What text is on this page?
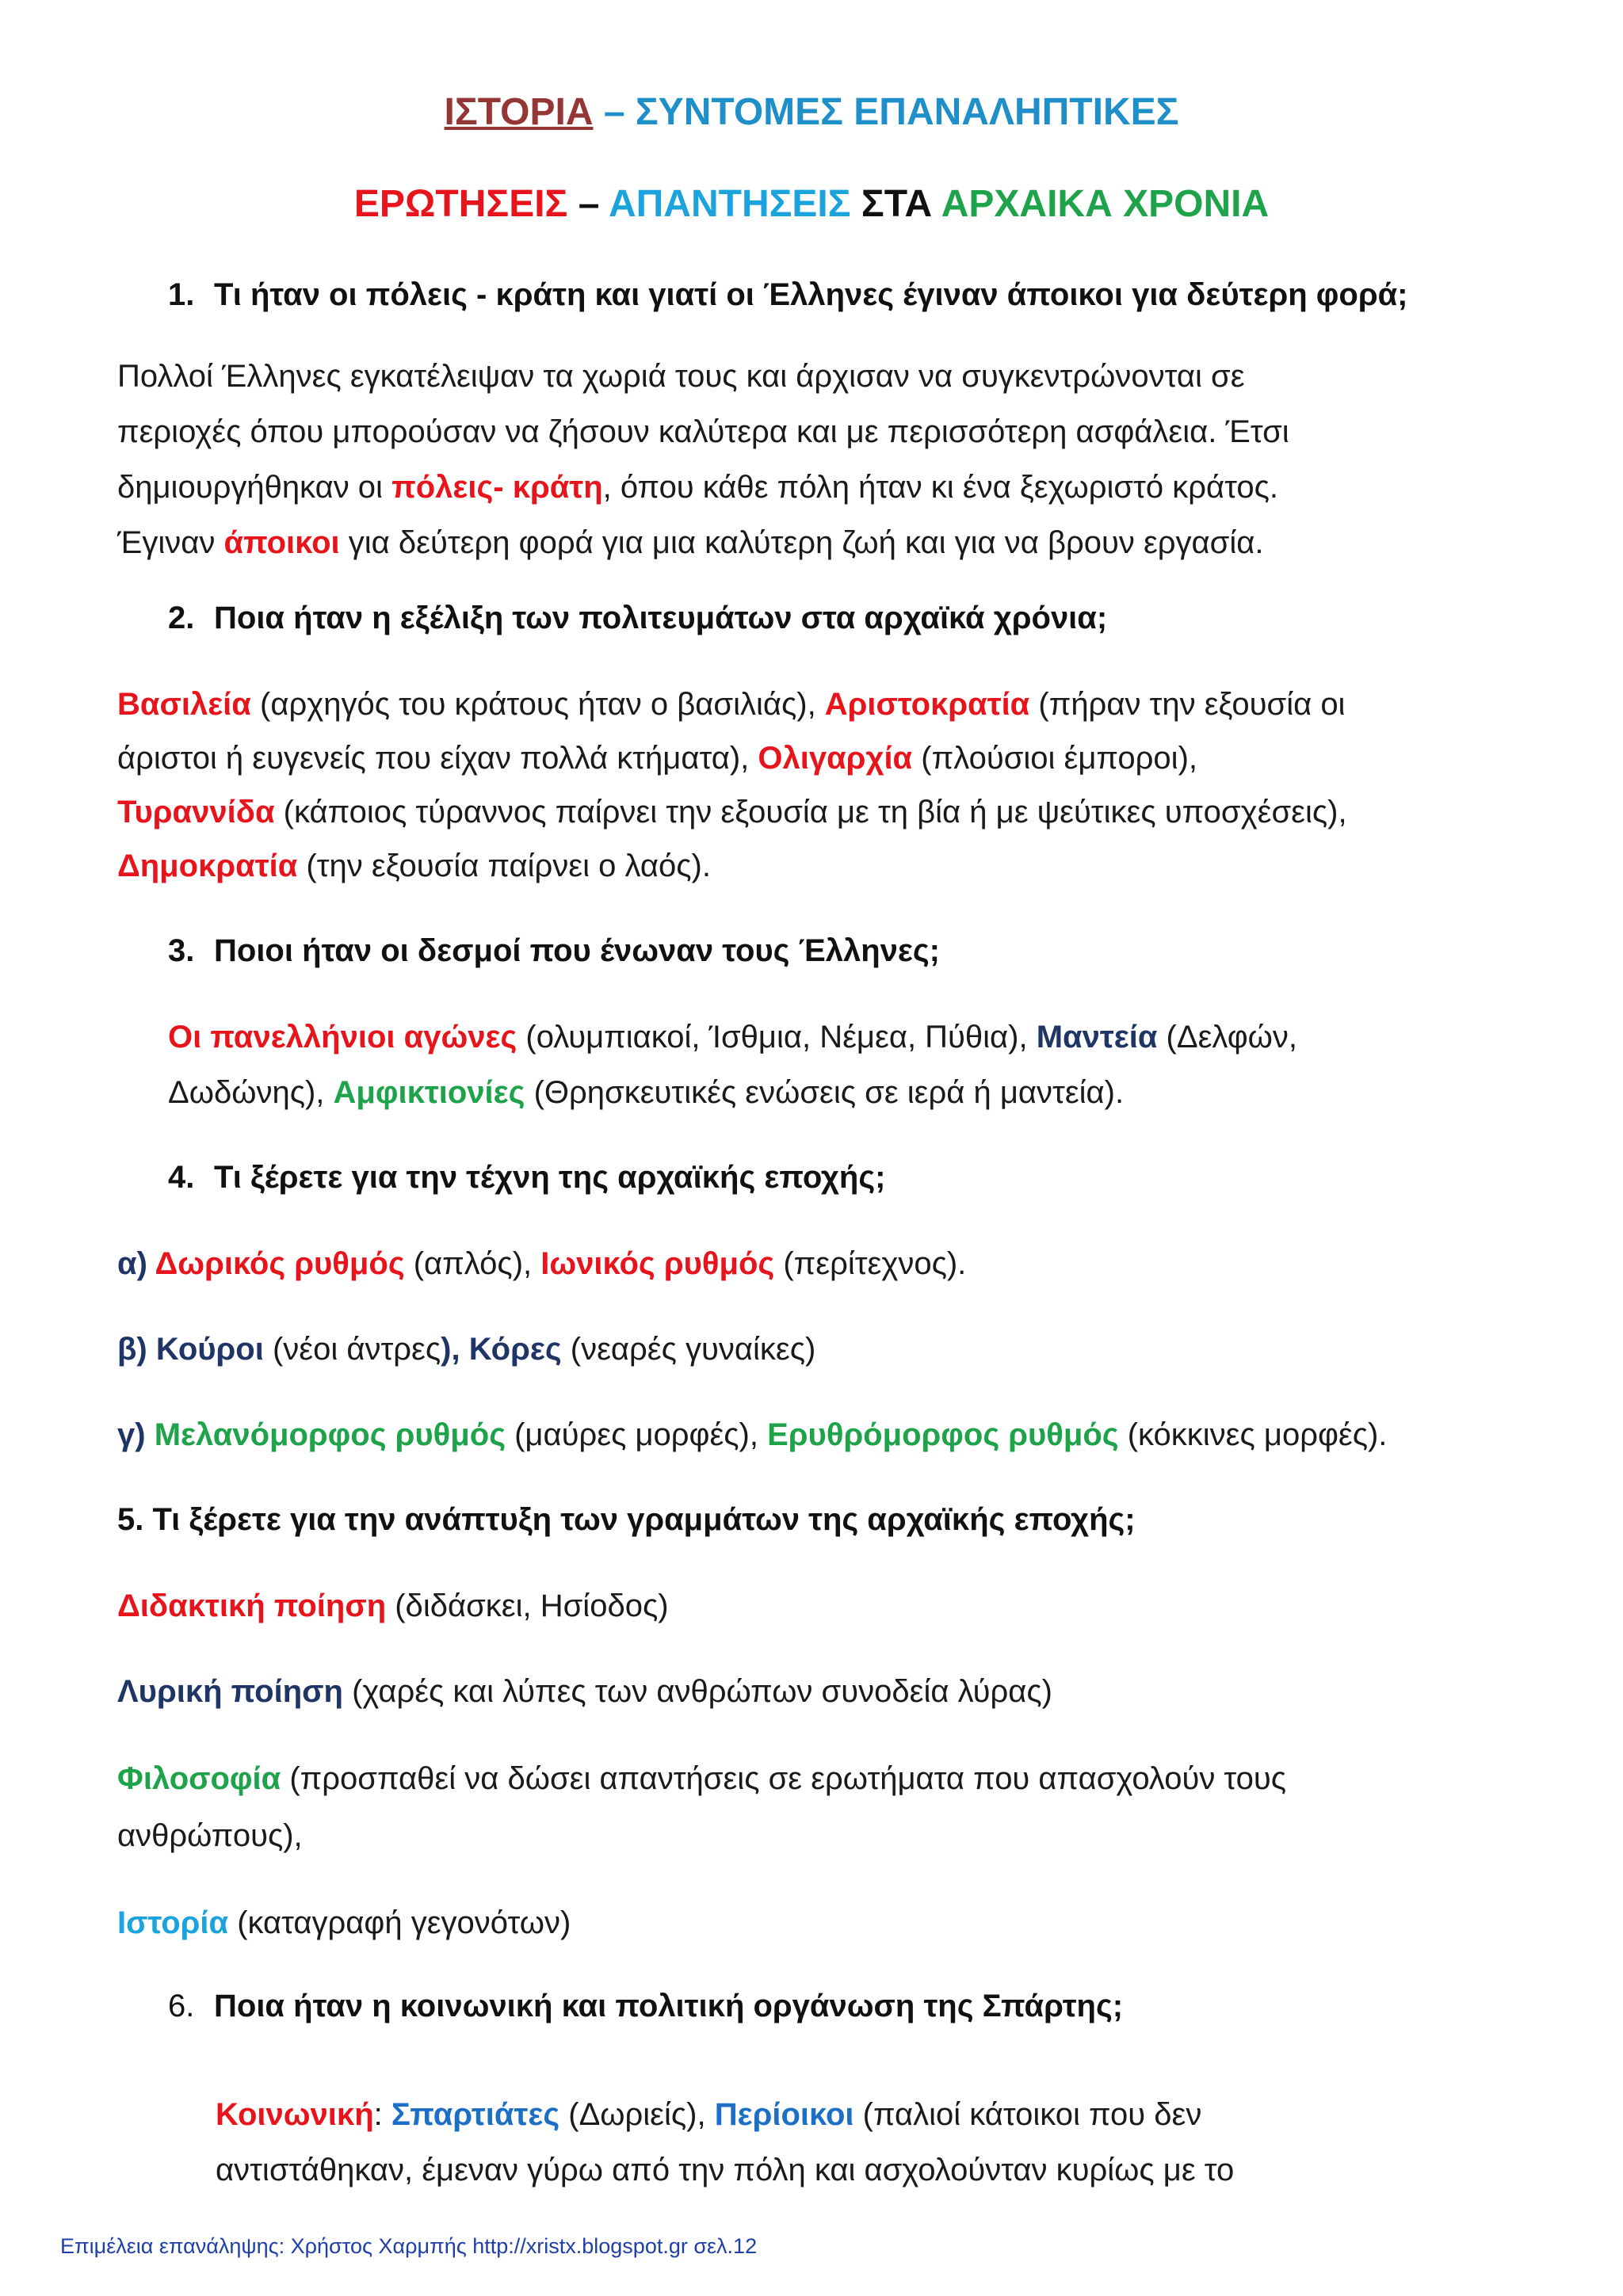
ΙΣΤΟΡΙΑ – ΣΥΝΤΟΜΕΣ ΕΠΑΝΑΛΗΠΤΙΚΕΣ
ΕΡΩΤΗΣΕΙΣ – ΑΠΑΝΤΗΣΕΙΣ ΣΤΑ ΑΡΧΑΙΚΑ ΧΡΟΝΙΑ
1. Τι ήταν οι πόλεις - κράτη και γιατί οι Έλληνες έγιναν άποικοι για δεύτερη φορά;
Πολλοί Έλληνες εγκατέλειψαν τα χωριά τους και άρχισαν να συγκεντρώνονται σε
περιοχές όπου μπορούσαν να ζήσουν καλύτερα και με περισσότερη ασφάλεια. Έτσι
δημιουργήθηκαν οι πόλεις- κράτη, όπου κάθε πόλη ήταν κι ένα ξεχωριστό κράτος.
Έγιναν άποικοι για δεύτερη φορά για μια καλύτερη ζωή και για να βρουν εργασία.
2. Ποια ήταν η εξέλιξη των πολιτευμάτων στα αρχαϊκά χρόνια;
Βασιλεία (αρχηγός του κράτους ήταν ο βασιλιάς), Αριστοκρατία (πήραν την εξουσία οι
άριστοι ή ευγενείς που είχαν πολλά κτήματα), Ολιγαρχία (πλούσιοι έμποροι),
Τυραννίδα (κάποιος τύραννος παίρνει την εξουσία με τη βία ή με ψεύτικες υποσχέσεις),
Δημοκρατία (την εξουσία παίρνει ο λαός).
3. Ποιοι ήταν οι δεσμοί που ένωναν τους Έλληνες;
Οι πανελλήνιοι αγώνες (ολυμπιακοί, Ίσθμια, Νέμεα, Πύθια), Μαντεία (Δελφών,
Δωδώνης), Αμφικτιονίες (Θρησκευτικές ενώσεις σε ιερά ή μαντεία).
4. Τι ξέρετε για την τέχνη της αρχαϊκής εποχής;
α) Δωρικός ρυθμός (απλός), Ιωνικός ρυθμός (περίτεχνος).
β) Κούροι (νέοι άντρες), Κόρες (νεαρές γυναίκες)
γ) Μελανόμορφος ρυθμός (μαύρες μορφές), Ερυθρόμορφος ρυθμός (κόκκινες μορφές).
5. Τι ξέρετε για την ανάπτυξη των γραμμάτων της αρχαϊκής εποχής;
Διδακτική ποίηση (διδάσκει, Ησίοδος)
Λυρική ποίηση (χαρές και λύπες των ανθρώπων συνοδεία λύρας)
Φιλοσοφία (προσπαθεί να δώσει απαντήσεις σε ερωτήματα που απασχολούν τους
ανθρώπους),
Ιστορία (καταγραφή γεγονότων)
6. Ποια ήταν η κοινωνική και πολιτική οργάνωση της Σπάρτης;
Κοινωνική: Σπαρτιάτες (Δωριείς), Περίοικοι (παλιοί κάτοικοι που δεν
αντιστάθηκαν, έμεναν γύρω από την πόλη και ασχολούνταν κυρίως με το
Επιμέλεια επανάληψης: Χρήστος Χαρμπής http://xristx.blogspot.gr σελ.12
